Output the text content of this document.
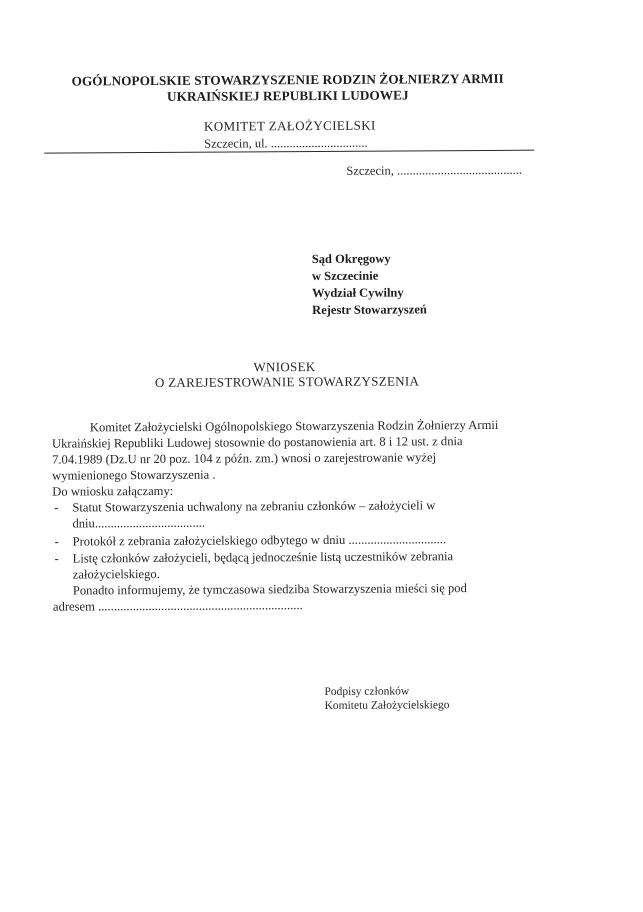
OGÓLNOPOLSKIE STOWARZYSZENIE RODZIN ŻOŁNIERZY ARMII
UKRAIŃSKIEJ REPUBLIKI LUDOWEJ
KOMITET ZAŁOŻYCIELSKI
Szczecin, ul. ...............................
Szczecin, ........................................
Sąd Okręgowy
w Szczecinie
Wydział Cywilny
Rejestr Stowarzyszeń
WNIOSEK
O ZAREJESTROWANIE STOWARZYSZENIA
Komitet Założycielski Ogólnopolskiego Stowarzyszenia Rodzin Żołnierzy Armii
Ukraińskiej Republiki Ludowej stosownie do postanowienia art. 8 i 12 ust. z dnia
7.04.1989 (Dz.U nr 20 poz. 104 z późn. zm.) wnosi o zarejestrowanie wyżej
wymienionego Stowarzyszenia .
Do wniosku załączamy:
- Statut Stowarzyszenia uchwalony na zebraniu członków – założycieli w
dniu...................................
- Protokół z zebrania założycielskiego odbytego w dniu ...............................
- Listę członków założycieli, będącą jednocześnie listą uczestników zebrania
założycielskiego.
Ponadto informujemy, że tymczasowa siedziba Stowarzyszenia mieści się pod
adresem .................................................................
Podpisy członków
Komitetu Założycielskiego
